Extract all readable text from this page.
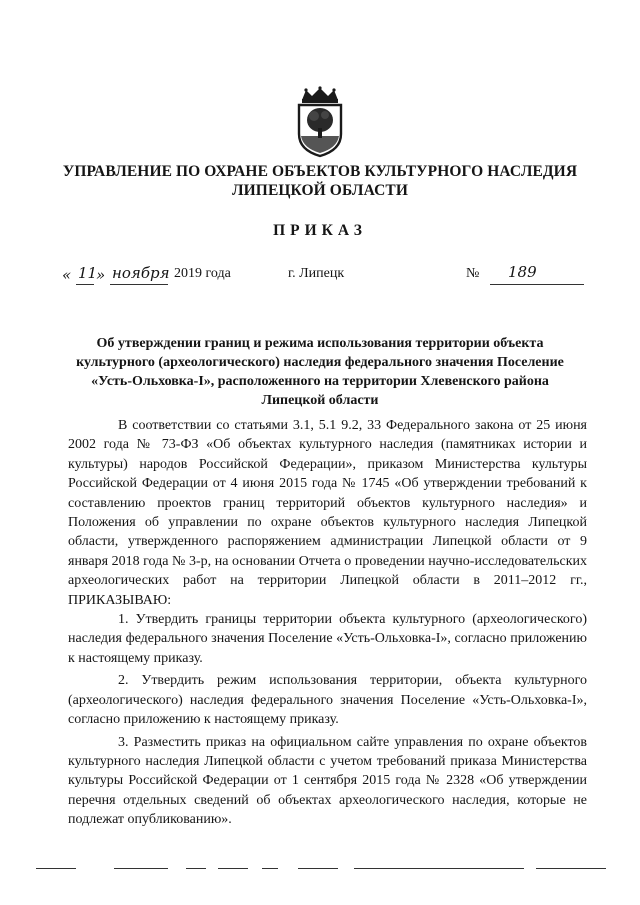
УПРАВЛЕНИЕ ПО ОХРАНЕ ОБЪЕКТОВ КУЛЬТУРНОГО НАСЛЕДИЯ
ЛИПЕЦКОЙ ОБЛАСТИ
ПРИКАЗ
« 11
» ноября 2019 года	г. Липецк	№ 189
Об утверждении границ и режима использования территории объекта
культурного (археологического) наследия федерального значения Поселение
«Усть-Ольховка-I», расположенного на территории Хлевенского района
Липецкой области

В соответствии со статьями 3.1, 5.1 9.2, 33 Федерального закона от 25 июня 2002 года № 73-ФЗ «Об объектах культурного наследия (памятниках истории и культуры) народов Российской Федерации», приказом Министерства культуры Российской Федерации от 4 июня 2015 года № 1745 «Об утверждении требований к составлению проектов границ территорий объектов культурного наследия» и Положения об управлении по охране объектов культурного наследия Липецкой области, утвержденного распоряжением администрации Липецкой области от 9 января 2018 года № 3-р, на основании Отчета о проведении научно-исследовательских археологических работ на территории Липецкой области в 2011–2012 гг., ПРИКАЗЫВАЮ:

1. Утвердить границы территории объекта культурного (археологического) наследия федерального значения Поселение «Усть-Ольховка-I», согласно приложению к настоящему приказу.

2. Утвердить режим использования территории, объекта культурного (археологического) наследия федерального значения Поселение «Усть-Ольховка-I», согласно приложению к настоящему приказу.

3. Разместить приказ на официальном сайте управления по охране объектов культурного наследия Липецкой области с учетом требований приказа Министерства культуры Российской Федерации от 1 сентября 2015 года № 2328 «Об утверждении перечня отдельных сведений об объектах археологического наследия, которые не подлежат опубликованию».
